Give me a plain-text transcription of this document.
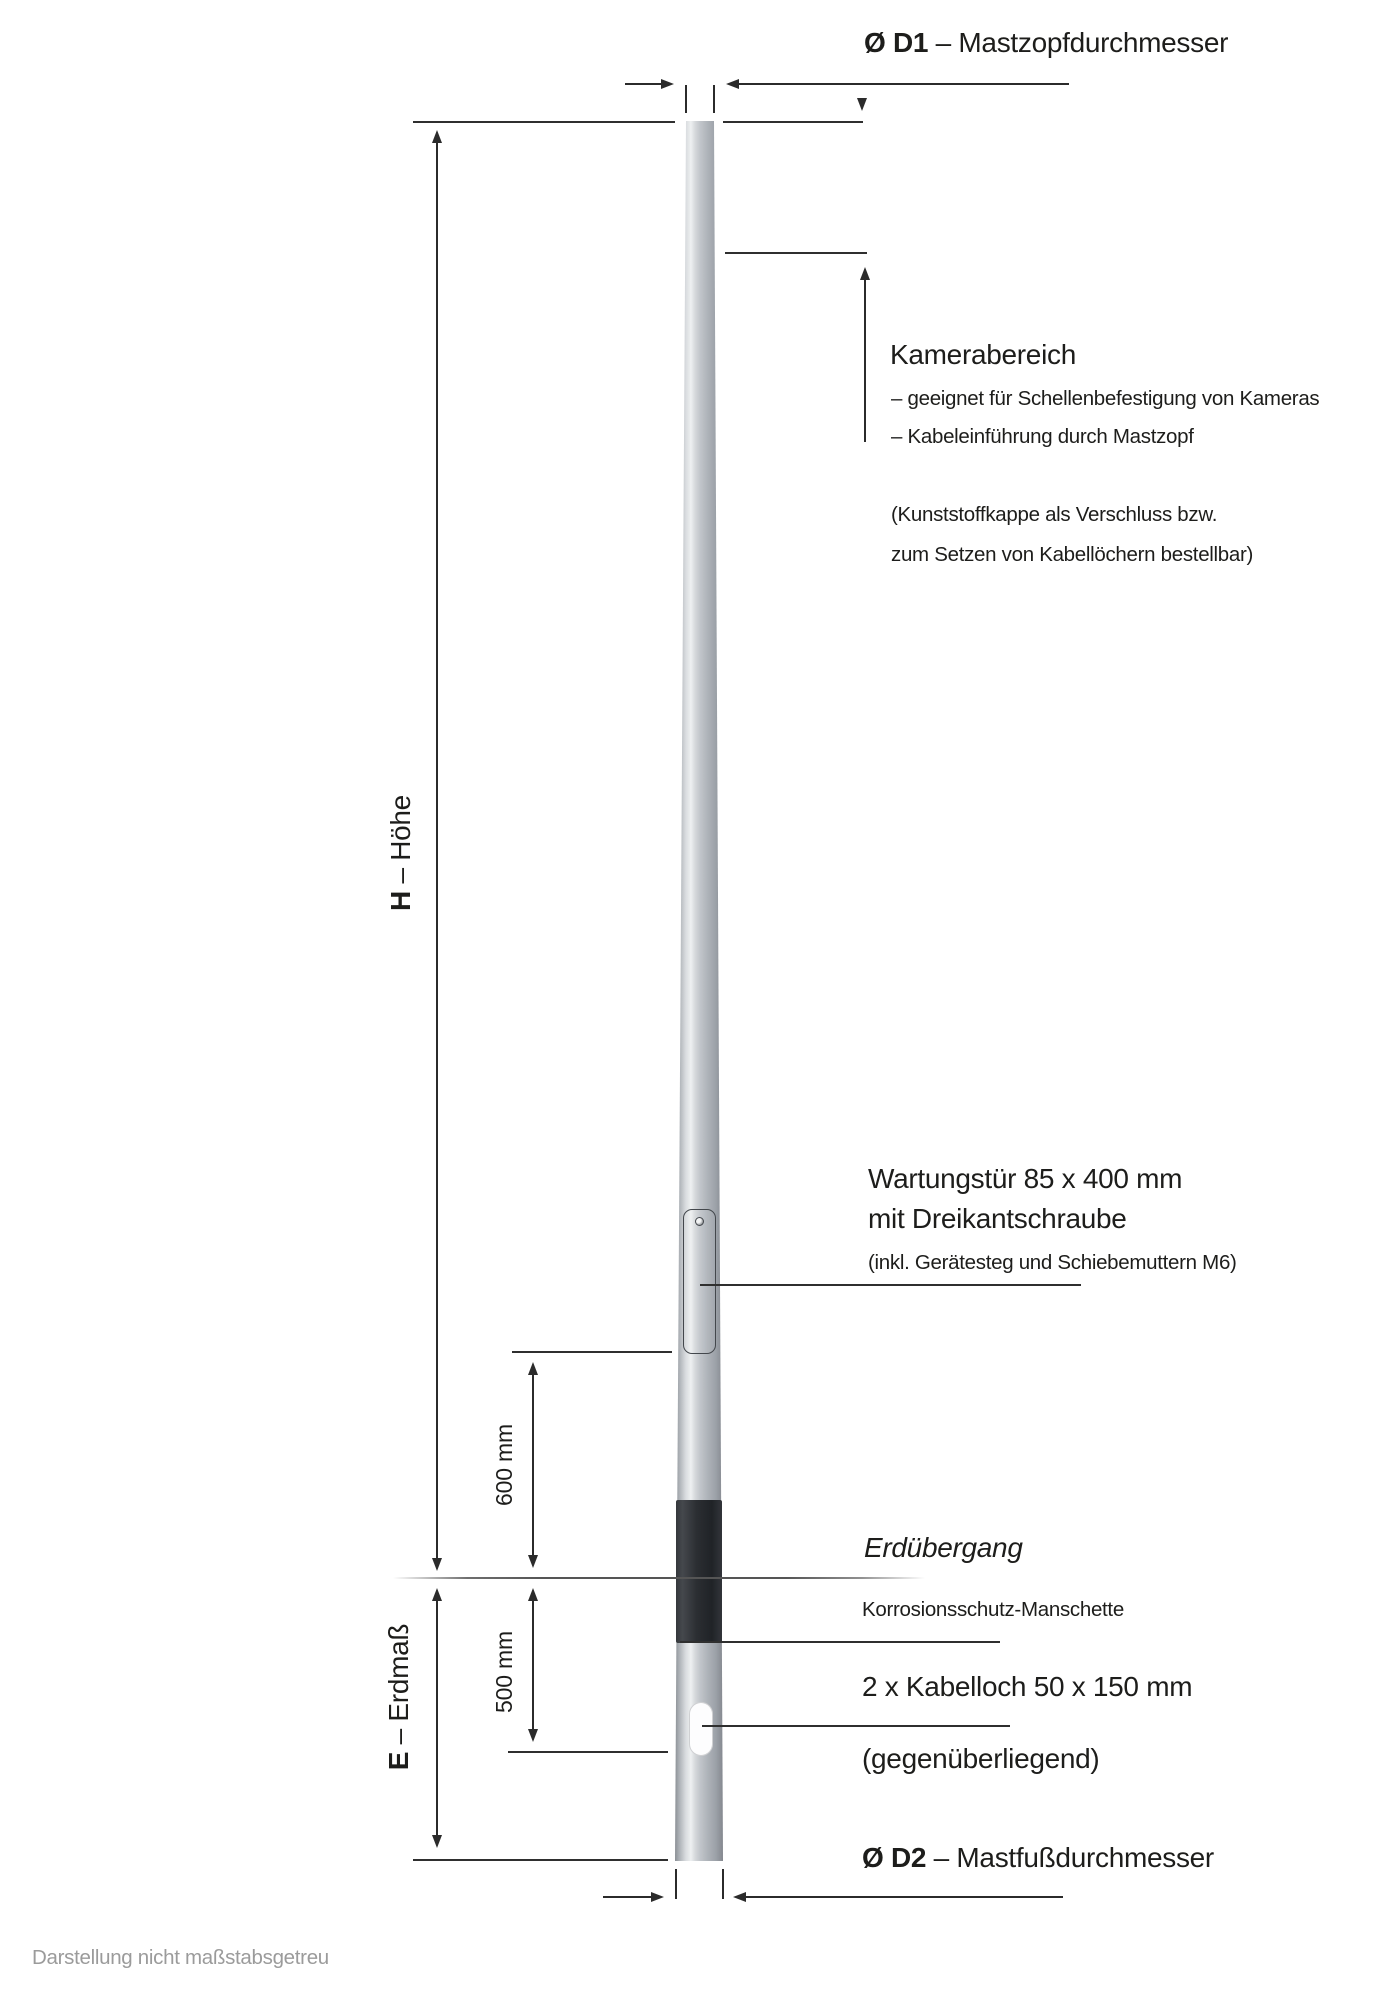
Ø D1 – Mastzopfdurchmesser
H – Höhe
Kamerabereich
– geeignet für Schellenbefestigung von Kameras
– Kabeleinführung durch Mastzopf
(Kunststoffkappe als Verschluss bzw.
zum Setzen von Kabellöchern bestellbar)
Wartungstür 85 x 400 mm
mit Dreikantschraube
(inkl. Gerätesteg und Schiebemuttern M6)
600 mm
Erdübergang
Korrosionsschutz-Manschette
E – Erdmaß	500 mm	2 x Kabelloch 50 x 150 mm
(gegenüberliegend)
Ø D2 – Mastfußdurchmesser
Darstellung nicht maßstabsgetreu
